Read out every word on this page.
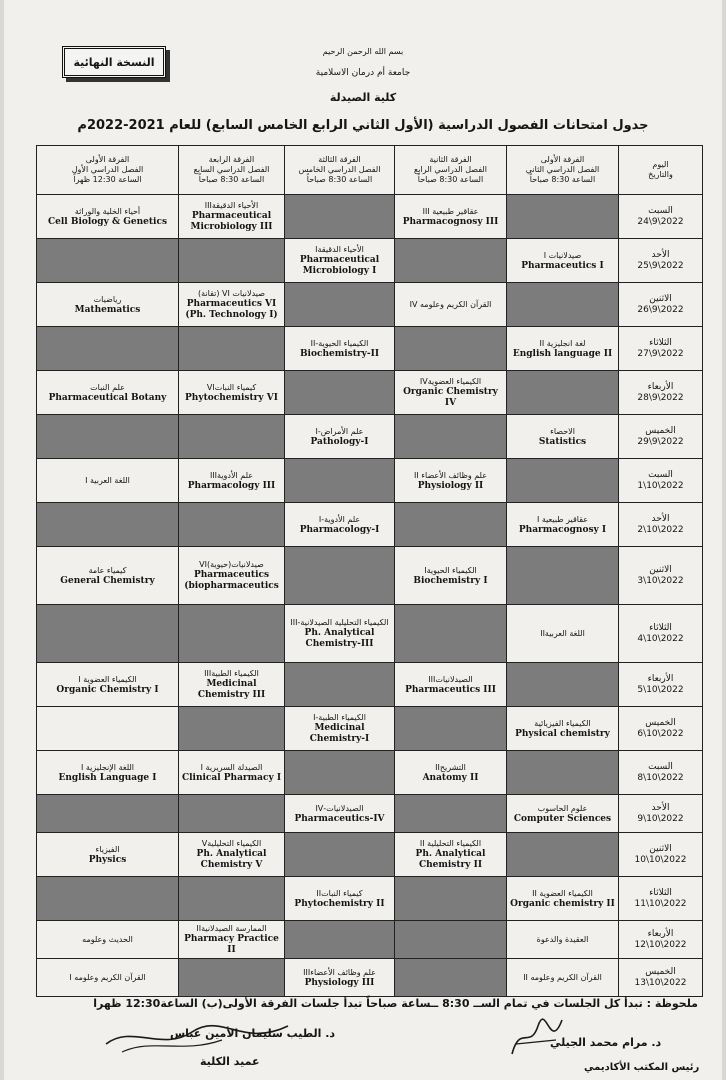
النسخة النهائية
بسم الله الرحمن الرحيم
جامعة أم درمان الاسلامية
كلية الصيدلة
جدول امتحانات الفصول الدراسية (الأول الثاني الرابع الخامس السابع) للعام 2021-2022م
اليوم
والتاريخ	الفرقة الأولى
الفصل الدراسي الثاني
الساعة 8:30 صباحاً	الفرقة الثانية
الفصل الدراسي الرابع
الساعة 8:30 صباحاً	الفرقة الثالثة
الفصل الدراسي الخامس
الساعة 8:30 صباحاً	الفرقة الرابعة
الفصل الدراسي السابع
الساعة 8:30 صباحاً	الفرقة الأولى
الفصل الدراسي الأول
الساعة 12:30 ظهراً

السبت
2022\9\24		عقاقير طبيعية III
Pharmacognosy III		الأحياء الدقيقةIII
Pharmaceutical Microbiology III	أحياء الخلية والوراثة
Cell Biology & Genetics

الأحد
2022\9\25	صيدلانيات I
Pharmaceutics I		الأحياء الدقيقةI
Pharmaceutical Microbiology I		

الاثنين
2022\9\26		القرآن الكريم وعلومه IV		صيدلانيات VI (تقانة)
Pharmaceutics VI (Ph. Technology I)	رياضيات
Mathematics

الثلاثاء
2022\9\27	لغة انجليزية II
English language II		الكيمياء الحيوية-II
Biochemistry-II		

الأربعاء
2022\9\28		الكيمياء العضويةIV
Organic Chemistry IV		كيمياء النباتVI
Phytochemistry VI	علم النبات
Pharmaceutical Botany

الخميس
2022\9\29	الاحصاء
Statistics		علم الأمراض-I
Pathology-I		

السبت
2022\10\1		علم وظائف الأعضاء II
Physiology II		علم الأدويةIII
Pharmacology III	اللغة العربية I

الأحد
2022\10\2	عقاقير طبيعية I
Pharmacognosy I		علم الأدوية-I
Pharmacology-I		

الاثنين
2022\10\3		الكيمياء الحيويةI
Biochemistry I		صيدلانيات(حيوية)VI
Pharmaceutics (biopharmaceutics	كيمياء عامة
General Chemistry

الثلاثاء
2022\10\4	اللغة العربيةII		الكيمياء التحليلية الصيدلانية-III
Ph. Analytical Chemistry-III		

الأربعاء
2022\10\5		الصيدلانياتIII
Pharmaceutics III		الكيمياء الطبيةIII
Medicinal Chemistry III	الكيمياء العضوية I
Organic Chemistry I

الخميس
2022\10\6	الكيمياء الفيزيائية
Physical chemistry		الكيمياء الطبية-I
Medicinal Chemistry-I		

السبت
2022\10\8		التشريحII
Anatomy II		الصيدلة السريرية I
Clinical Pharmacy I	اللغة الإنجليزية I
English Language I

الأحد
2022\10\9	علوم الحاسوب
Computer Sciences		الصيدلانيات-IV
Pharmaceutics-IV		

الاثنين
2022\10\10		الكيمياء التحليلية II
Ph. Analytical Chemistry II		الكيمياء التحليليةV
Ph. Analytical Chemistry V	الفيزياء
Physics

الثلاثاء
2022\10\11	الكيمياء العضوية II
Organic chemistry II		كيمياء النباتII
Phytochemistry II		

الأربعاء
2022\10\12	العقيدة والدعوة			الممارسة الصيدلانيةII
Pharmacy Practice II	الحديث وعلومه

الخميس
2022\10\13	القرآن الكريم وعلومه II		علم وظائف الأعضاءIII
Physiology III		القرآن الكريم وعلومه I
ملحوظة : تبدأ كل الجلسات في تمام الســ 8:30 ــساعة صباحاً تبدأ جلسات الفرقة الأولى(ب) الساعة12:30 ظهرا
د. الطيب سليمان الأمين عباس
عميد الكلية
د. مرام محمد الجيلي
رئيس المكتب الأكاديمي
